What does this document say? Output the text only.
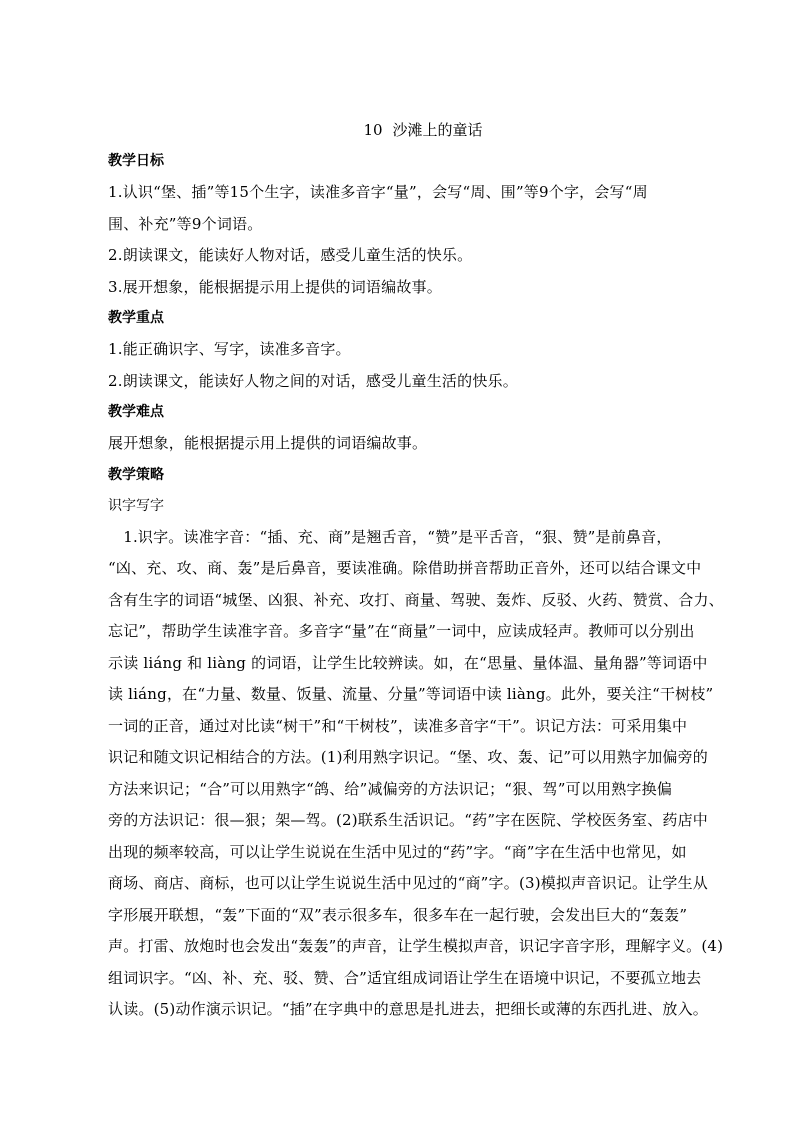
10 沙滩上的童话
教学日标
1.认识“堡、插”等15个生字，读准多音字“量”，会写“周、围”等9个字，会写“周
围、补充”等9个词语。
2.朗读课文，能读好人物对话，感受儿童生活的快乐。
3.展开想象，能根据提示用上提供的词语编故事。
教学重点
1.能正确识字、写字，读准多音字。
2.朗读课文，能读好人物之间的对话，感受儿童生活的快乐。
教学难点
展开想象，能根据提示用上提供的词语编故事。
教学策略
识字写字
　1.识字。读准字音：“插、充、商”是翘舌音，“赞”是平舌音，“狠、赞”是前鼻音，
“凶、充、攻、商、轰”是后鼻音，要读准确。除借助拼音帮助正音外，还可以结合课文中
含有生字的词语“城堡、凶狠、补充、攻打、商量、驾驶、轰炸、反驳、火药、赞赏、合力、
忘记”，帮助学生读准字音。多音字“量”在“商量”一词中，应读成轻声。教师可以分别出
示读 liáng 和 liàng 的词语，让学生比较辨读。如，在“思量、量体温、量角器”等词语中
读 liáng，在“力量、数量、饭量、流量、分量”等词语中读 liàng。此外，要关注“干树枝”
一词的正音，通过对比读“树干”和“干树枝”，读准多音字“干”。识记方法：可采用集中
识记和随文识记相结合的方法。(1)利用熟字识记。“堡、攻、轰、记”可以用熟字加偏旁的
方法来识记；“合”可以用熟字“鸽、给”减偏旁的方法识记；“狠、驾”可以用熟字换偏
旁的方法识记：很—狠；架—驾。(2)联系生活识记。“药”字在医院、学校医务室、药店中
出现的频率较高，可以让学生说说在生活中见过的“药”字。“商”字在生活中也常见，如
商场、商店、商标，也可以让学生说说生活中见过的“商”字。(3)模拟声音识记。让学生从
字形展开联想，“轰”下面的“双”表示很多车，很多车在一起行驶，会发出巨大的“轰轰”
声。打雷、放炮时也会发出“轰轰”的声音，让学生模拟声音，识记字音字形，理解字义。(4)
组词识字。“凶、补、充、驳、赞、合”适宜组成词语让学生在语境中识记，不要孤立地去
认读。(5)动作演示识记。“插”在字典中的意思是扎进去，把细长或薄的东西扎进、放入。
